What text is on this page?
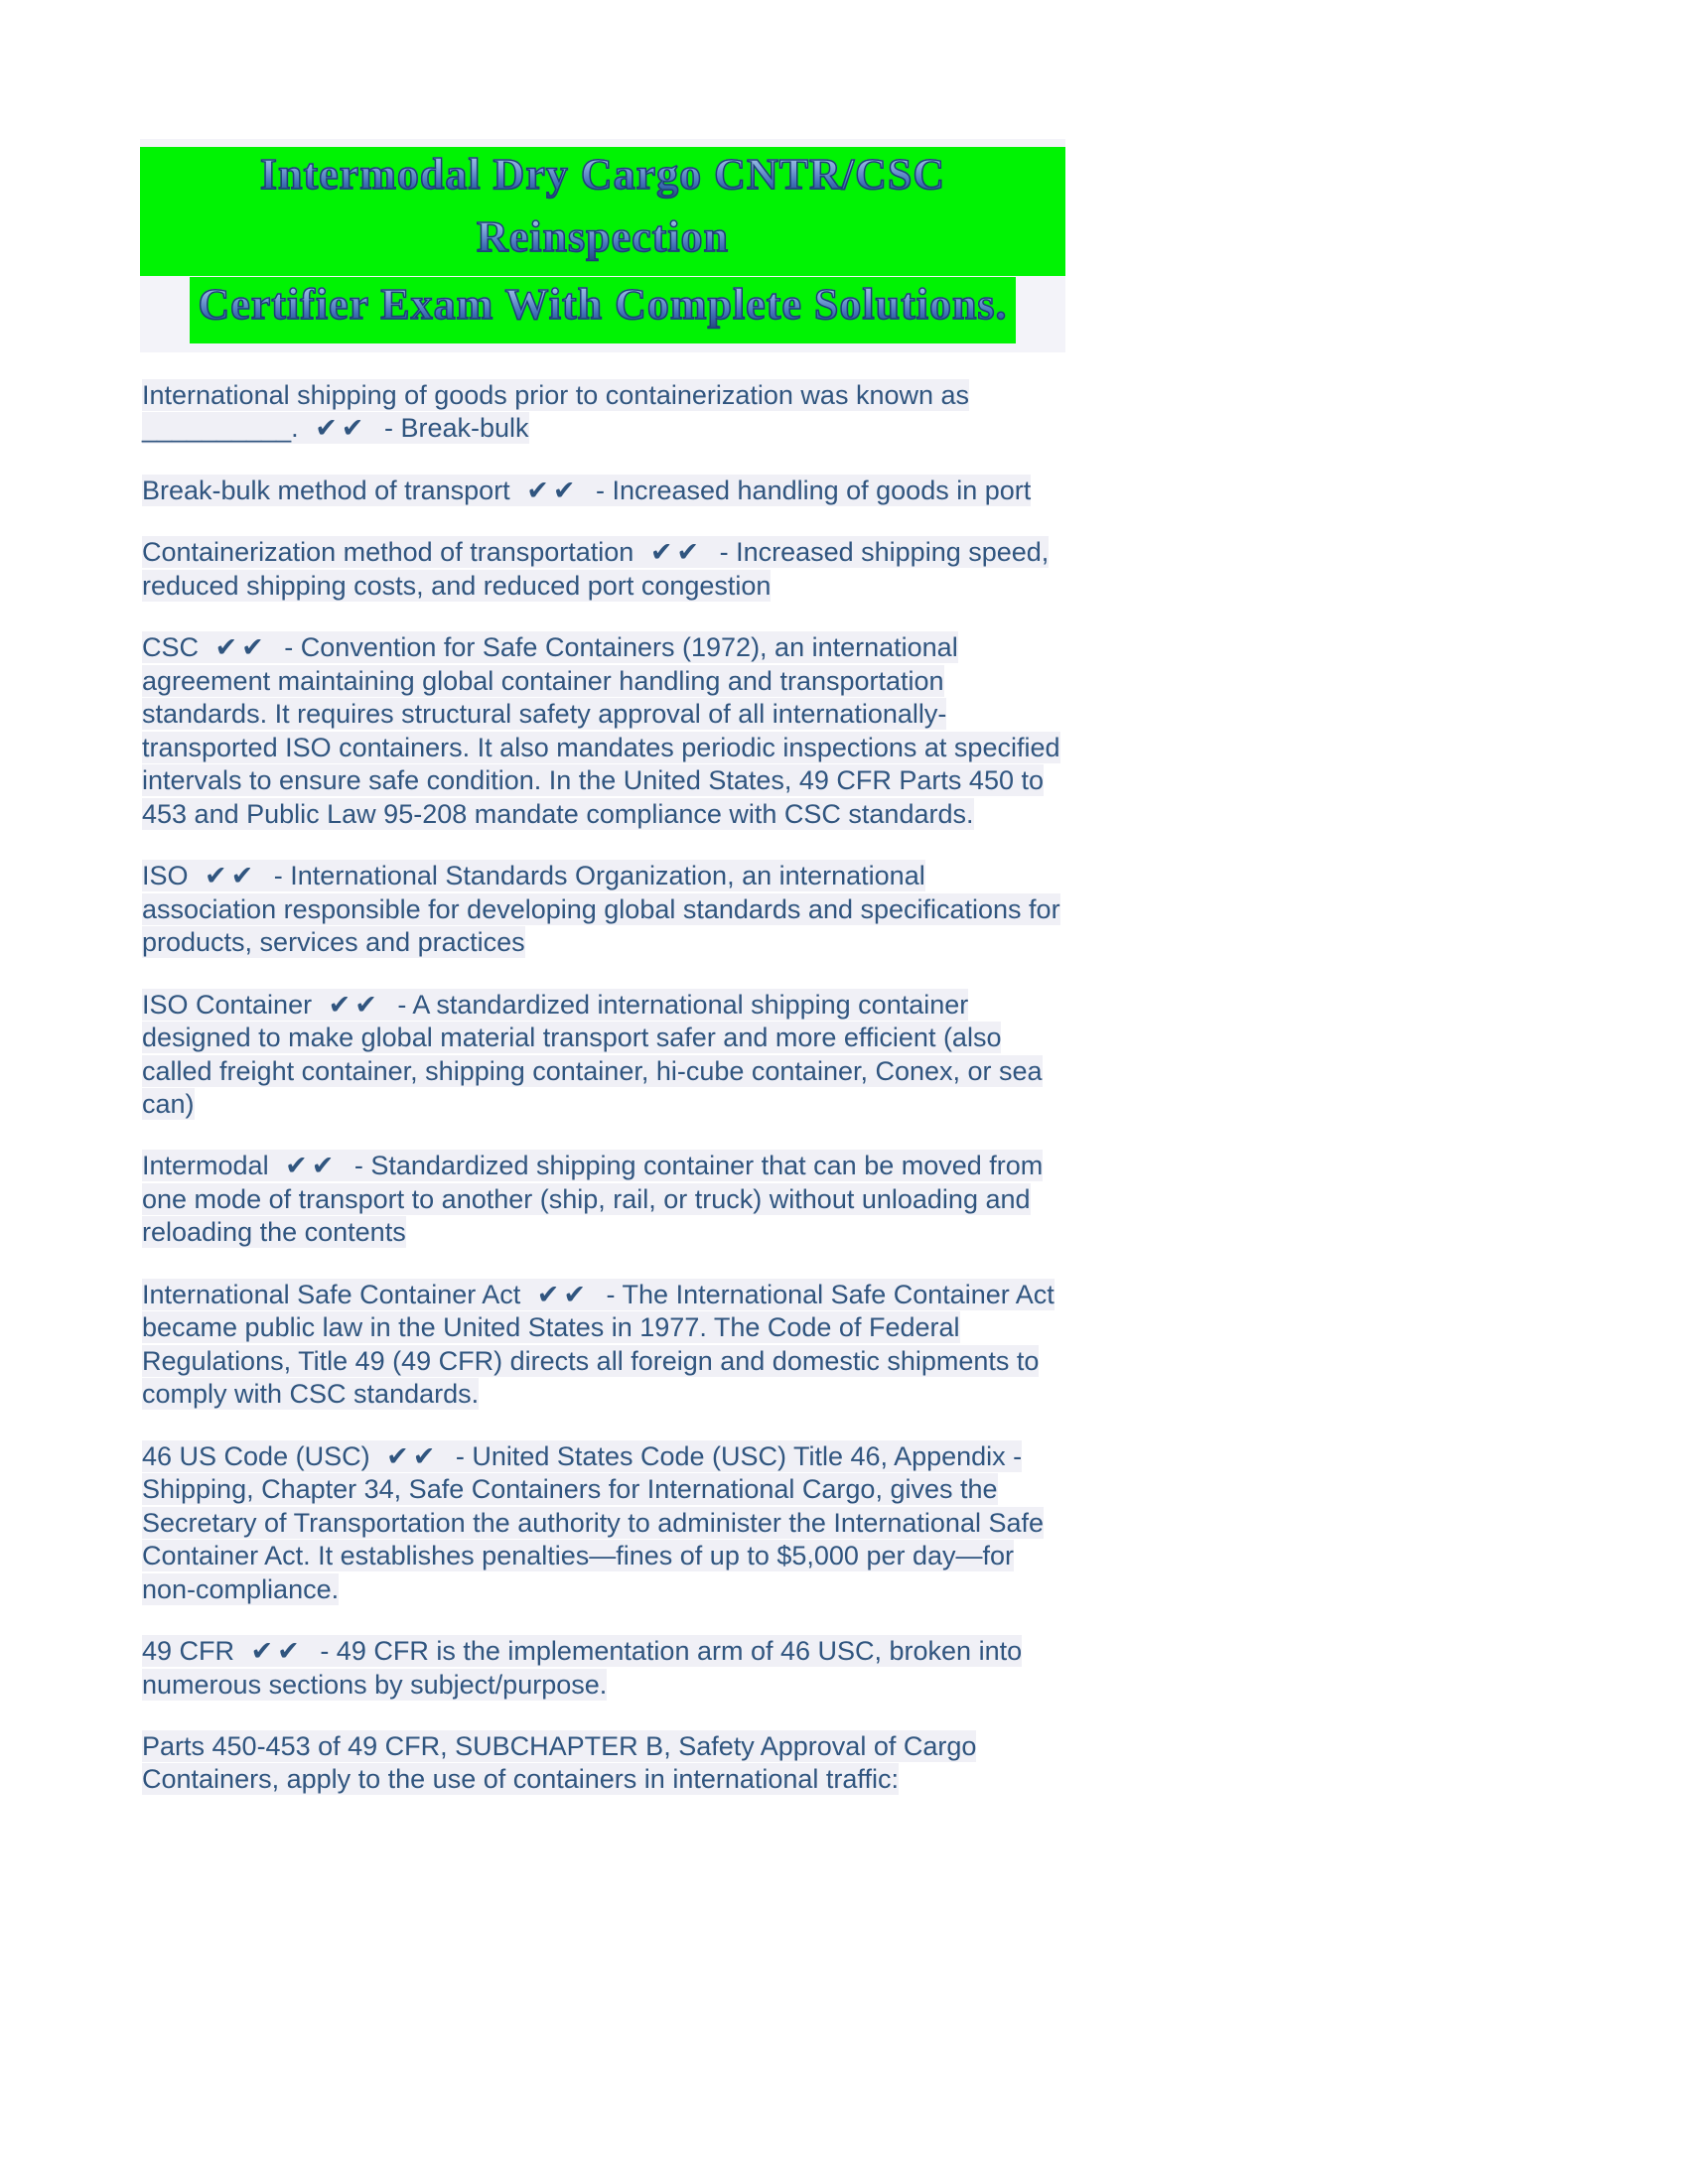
Intermodal Dry Cargo CNTR/CSC Reinspection
Certifier Exam With Complete Solutions.

International shipping of goods prior to containerization was known as __________. ✔✔ - Break-bulk

Break-bulk method of transport ✔✔ - Increased handling of goods in port

Containerization method of transportation ✔✔ - Increased shipping speed, reduced shipping costs, and reduced port congestion

CSC ✔✔ - Convention for Safe Containers (1972), an international agreement maintaining global container handling and transportation standards. It requires structural safety approval of all internationally-transported ISO containers. It also mandates periodic inspections at specified intervals to ensure safe condition. In the United States, 49 CFR Parts 450 to 453 and Public Law 95-208 mandate compliance with CSC standards.

ISO ✔✔ - International Standards Organization, an international association responsible for developing global standards and specifications for products, services and practices

ISO Container ✔✔ - A standardized international shipping container designed to make global material transport safer and more efficient (also called freight container, shipping container, hi-cube container, Conex, or sea can)

Intermodal ✔✔ - Standardized shipping container that can be moved from one mode of transport to another (ship, rail, or truck) without unloading and reloading the contents

International Safe Container Act ✔✔ - The International Safe Container Act became public law in the United States in 1977. The Code of Federal Regulations, Title 49 (49 CFR) directs all foreign and domestic shipments to comply with CSC standards.

46 US Code (USC) ✔✔ - United States Code (USC) Title 46, Appendix - Shipping, Chapter 34, Safe Containers for International Cargo, gives the Secretary of Transportation the authority to administer the International Safe Container Act. It establishes penalties—fines of up to $5,000 per day—for non-compliance.

49 CFR ✔✔ - 49 CFR is the implementation arm of 46 USC, broken into numerous sections by subject/purpose.

Parts 450-453 of 49 CFR, SUBCHAPTER B, Safety Approval of Cargo Containers, apply to the use of containers in international traffic:
